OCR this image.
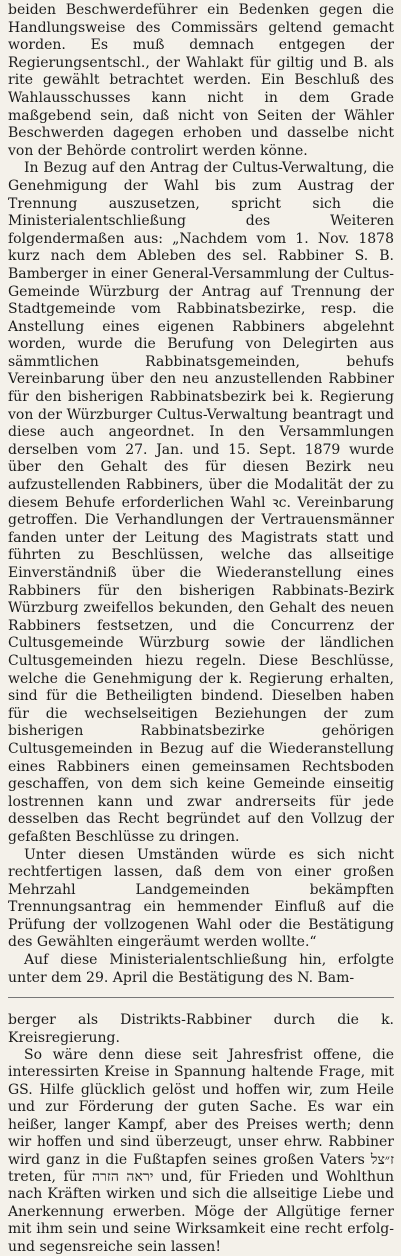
beiden Beschwerdeführer ein Bedenken gegen die Handlungsweise des Commissärs geltend gemacht worden. Es muß demnach entgegen der Regierungsentschl., der Wahlakt für giltig und B. als rite gewählt betrachtet werden. Ein Beschluß des Wahlausschusses kann nicht in dem Grade maßgebend sein, daß nicht von Seiten der Wähler Beschwerden dagegen erhoben und dasselbe nicht von der Behörde controlirt werden könne.

In Bezug auf den Antrag der Cultus-Verwaltung, die Genehmigung der Wahl bis zum Austrag der Trennung auszusetzen, spricht sich die Ministerialentschließung des Weiteren folgendermaßen aus: „Nachdem vom 1. Nov. 1878 kurz nach dem Ableben des sel. Rabbiner S. B. Bamberger in einer General-Versammlung der Cultus-Gemeinde Würzburg der Antrag auf Trennung der Stadtgemeinde vom Rabbinatsbezirke, resp. die Anstellung eines eigenen Rabbiners abgelehnt worden, wurde die Berufung von Delegirten aus sämmtlichen Rabbinatsgemeinden, behufs Vereinbarung über den neu anzustellenden Rabbiner für den bisherigen Rabbinatsbezirk bei k. Regierung von der Würzburger Cultus-Verwaltung beantragt und diese auch angeordnet. In den Versammlungen derselben vom 27. Jan. und 15. Sept. 1879 wurde über den Gehalt des für diesen Bezirk neu aufzustellenden Rabbiners, über die Modalität der zu diesem Behufe erforderlichen Wahl ꝛc. Vereinbarung getroffen. Die Verhandlungen der Vertrauensmänner fanden unter der Leitung des Magistrats statt und führten zu Beschlüssen, welche das allseitige Einverständniß über die Wiederanstellung eines Rabbiners für den bisherigen Rabbinats-Bezirk Würzburg zweifellos bekunden, den Gehalt des neuen Rabbiners festsetzen, und die Concurrenz der Cultusgemeinde Würzburg sowie der ländlichen Cultusgemeinden hiezu regeln. Diese Beschlüsse, welche die Genehmigung der k. Regierung erhalten, sind für die Betheiligten bindend. Dieselben haben für die wechselseitigen Beziehungen der zum bisherigen Rabbinatsbezirke gehörigen Cultusgemeinden in Bezug auf die Wiederanstellung eines Rabbiners einen gemeinsamen Rechtsboden geschaffen, von dem sich keine Gemeinde einseitig lostrennen kann und zwar andrerseits für jede desselben das Recht begründet auf den Vollzug der gefaßten Beschlüsse zu dringen.

Unter diesen Umständen würde es sich nicht rechtfertigen lassen, daß dem von einer großen Mehrzahl Landgemeinden bekämpften Trennungsantrag ein hemmender Einfluß auf die Prüfung der vollzogenen Wahl oder die Bestätigung des Gewählten eingeräumt werden wollte.“

Auf diese Ministerialentschließung hin, erfolgte unter dem 29. April die Bestätigung des N. Bam-

berger als Distrikts-Rabbiner durch die k. Kreisregierung.

So wäre denn diese seit Jahresfrist offene, die interessirten Kreise in Spannung haltende Frage, mit GS. Hilfe glücklich gelöst und hoffen wir, zum Heile und zur Förderung der guten Sache. Es war ein heißer, langer Kampf, aber des Preises werth; denn wir hoffen und sind überzeugt, unser ehrw. Rabbiner wird ganz in die Fußtapfen seines großen Vaters ז״צל treten, für יראה הזרה und, für Frieden und Wohlthun nach Kräften wirken und sich die allseitige Liebe und Anerkennung erwerben. Möge der Allgütige ferner mit ihm sein und seine Wirksamkeit eine recht erfolg- und segensreiche sein lassen!
